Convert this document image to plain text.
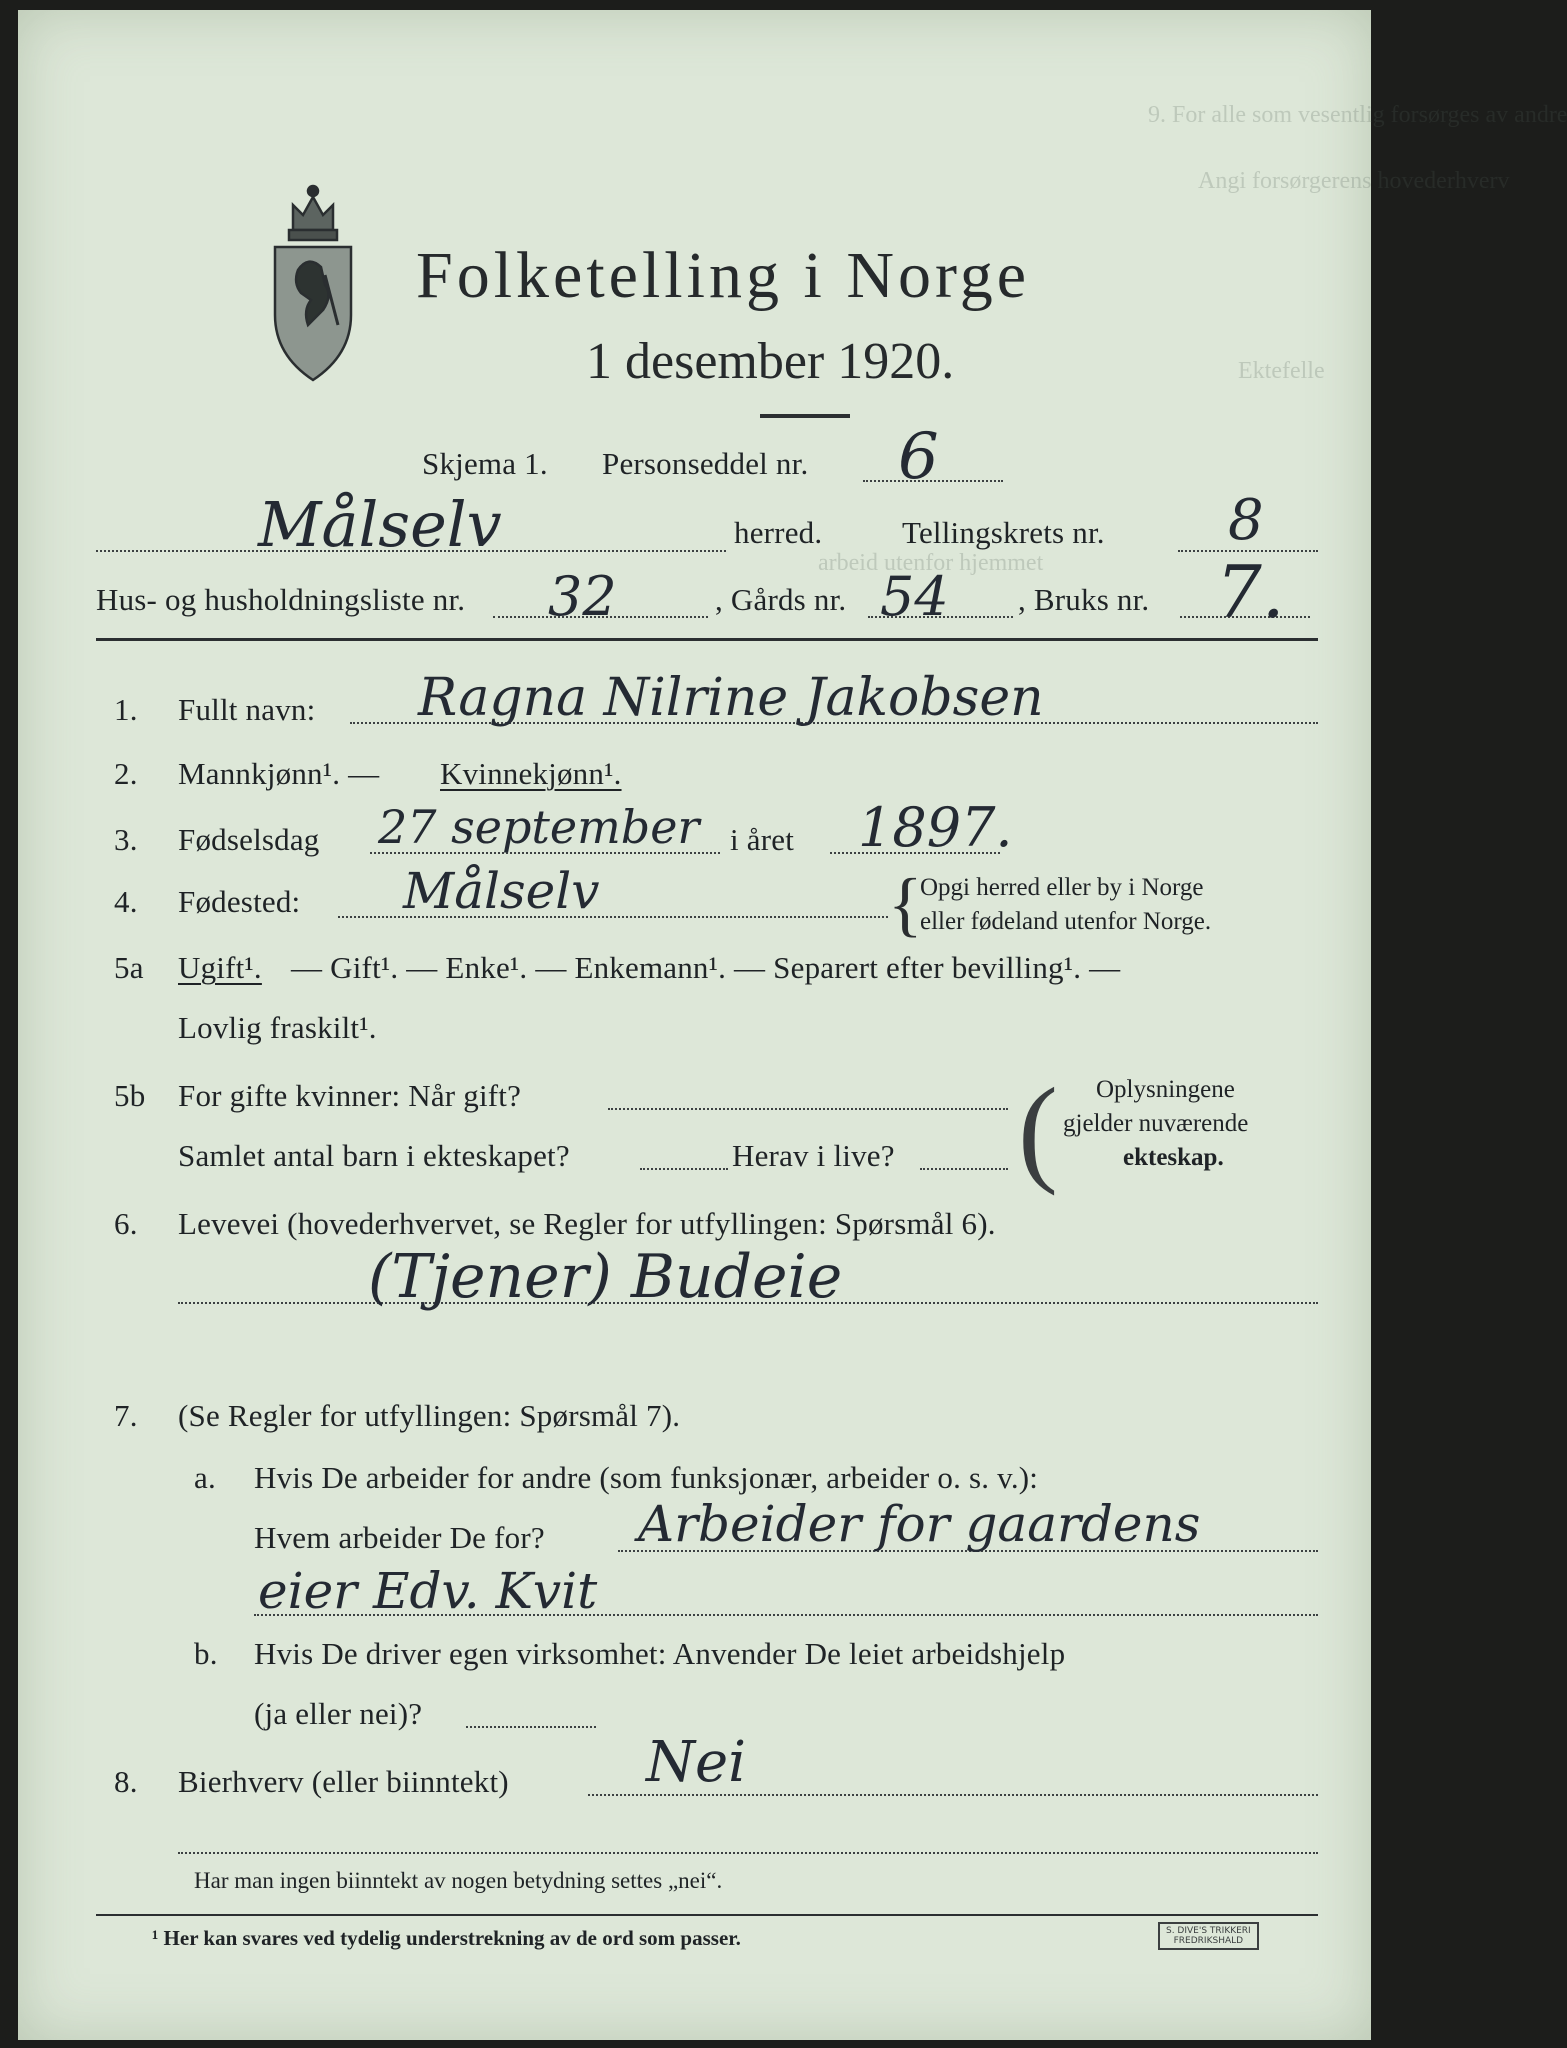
9. For alle som vesentlig forsørges av andre
Angi forsørgerens hovederhverv
Ektefelle
arbeid utenfor hjemmet
Folketelling i Norge
1 desember 1920.
Skjema 1. Personseddel nr. 6
Målselv	herred.	Tellingskrets nr. 8
Hus- og husholdningsliste nr. 32	, Gårds nr. 54 , Bruks nr. 7.
1. Fullt navn: Ragna Nilrine Jakobsen
2. Mannkjønn¹. — Kvinnekjønn¹.
3. Fødselsdag 27 september i året 1897.
4. Fødested: Målselv	{
Opgi herred eller by i Norge
eller fødeland utenfor Norge.
5a Ugift¹. — Gift¹. — Enke¹. — Enkemann¹. — Separert efter bevilling¹. —
Lovlig fraskilt¹.
5b For gifte kvinner: Når gift?
Samlet antal barn i ekteskapet?	Herav i live? ( Oplysningene
gjelder nuværende
ekteskap.
6. Levevei (hovederhvervet, se Regler for utfyllingen: Spørsmål 6).
(Tjener) Budeie
7. (Se Regler for utfyllingen: Spørsmål 7).
a. Hvis De arbeider for andre (som funksjonær, arbeider o. s. v.):
Hvem arbeider De for? Arbeider for gaardens
eier Edv. Kvit
b. Hvis De driver egen virksomhet: Anvender De leiet arbeidshjelp
(ja eller nei)?
8. Bierhverv (eller biinntekt) Nei
Har man ingen biinntekt av nogen betydning settes „nei“.
¹ Her kan svares ved tydelig understrekning av de ord som passer.	S. DIVE'S TRIKKERI
FREDRIKSHALD
